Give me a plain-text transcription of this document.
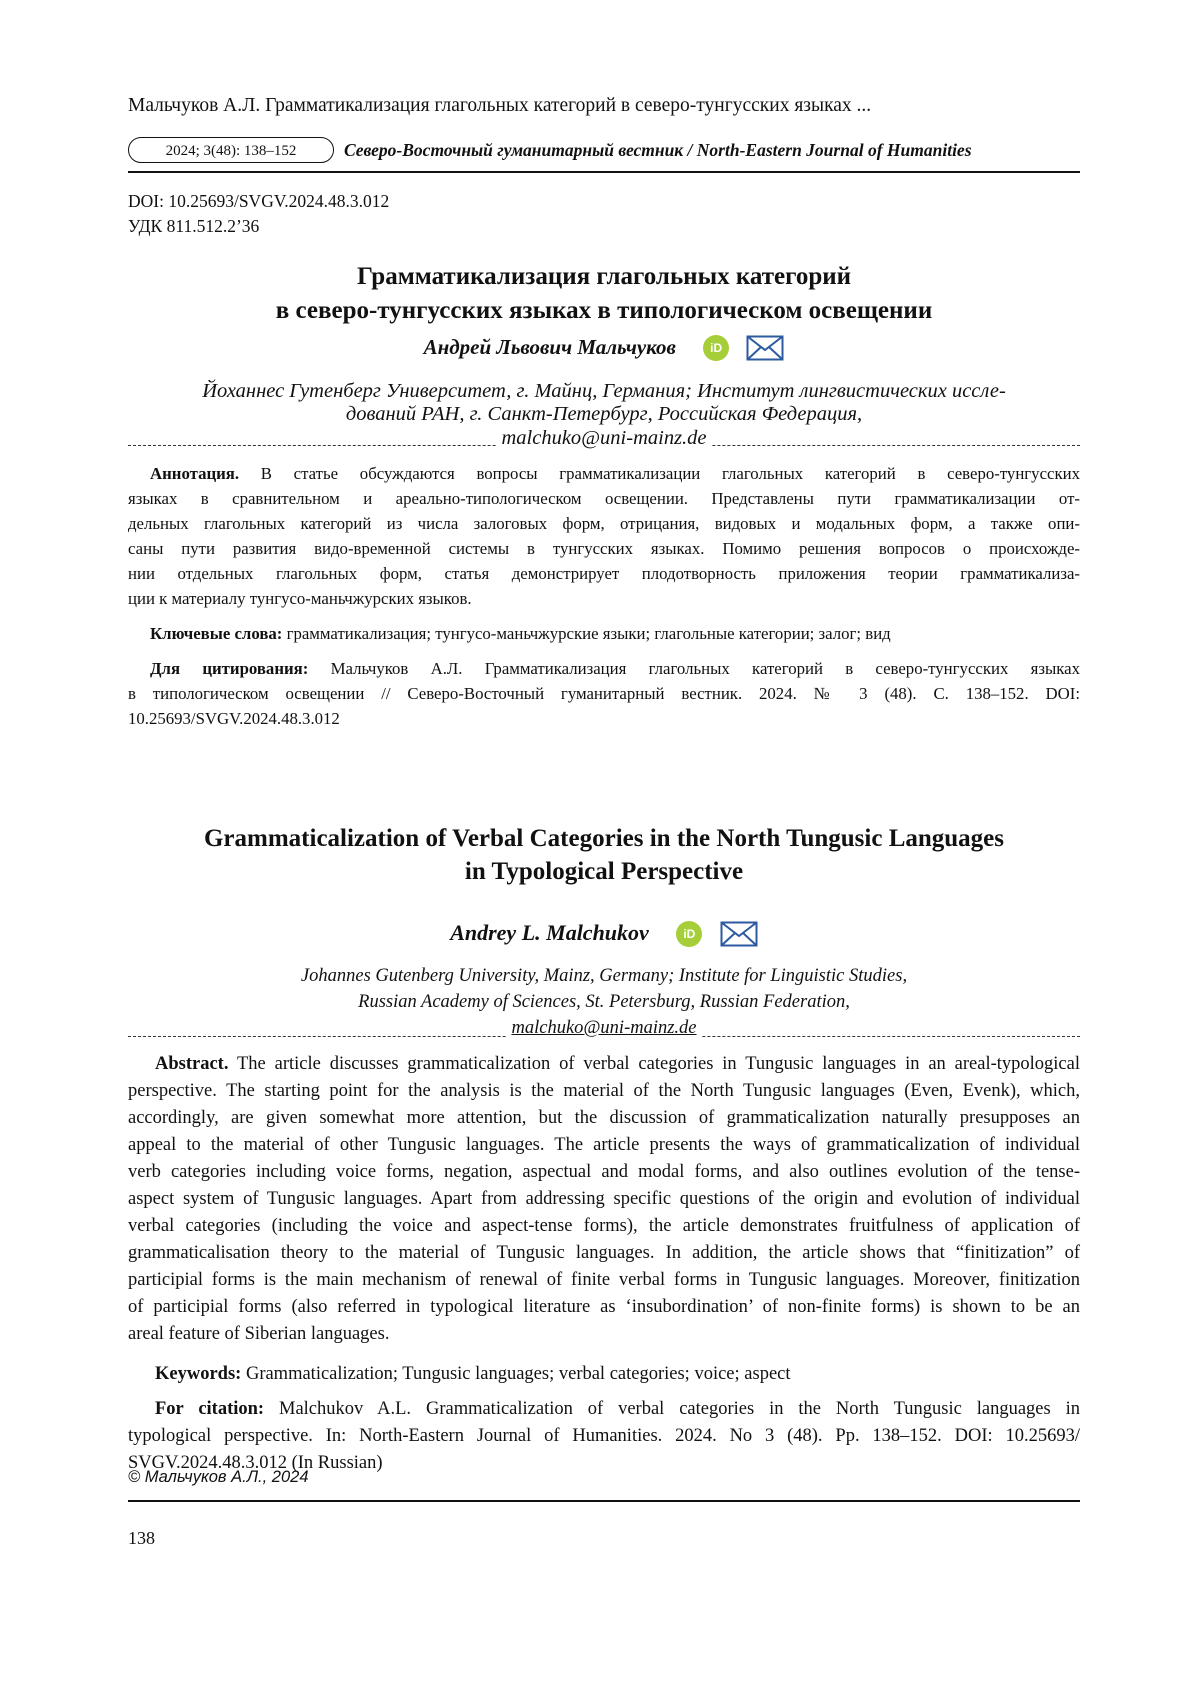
Мальчуков А.Л. Грамматикализация глагольных категорий в северо-тунгусских языках ...
2024; 3(48): 138–152	Северо-Восточный гуманитарный вестник / North-Eastern Journal of Humanities
DOI: 10.25693/SVGV.2024.48.3.012
УДК 811.512.2’36
Грамматикализация глагольных категорий
в северо-тунгусских языках в типологическом освещении
Андрей Львович Мальчуков	iD
Йоханнес Гутенберг Университет, г. Майнц, Германия; Институт лингвистических иссле-
дований РАН, г. Санкт-Петербург, Российская Федерация,
malchuko@uni-mainz.de
Аннотация. В статье обсуждаются вопросы грамматикализации глагольных категорий в северо-тунгусских
языках в сравнительном и ареально-типологическом освещении. Представлены пути грамматикализации от-
дельных глагольных категорий из числа залоговых форм, отрицания, видовых и модальных форм, а также опи-
саны пути развития видо-временной системы в тунгусских языках. Помимо решения вопросов о происхожде-
нии отдельных глагольных форм, статья демонстрирует плодотворность приложения теории грамматикализа-
ции к материалу тунгусо-маньчжурских языков.
Ключевые слова: грамматикализация; тунгусо-маньчжурские языки; глагольные категории; залог; вид
Для цитирования: Мальчуков А.Л. Грамматикализация глагольных категорий в северо-тунгусских языках
в типологическом освещении // Северо-Восточный гуманитарный вестник. 2024. № 3 (48). С. 138–152. DOI:
10.25693/SVGV.2024.48.3.012
Grammaticalization of Verbal Categories in the North Tungusic Languages
in Typological Perspective
Andrey L. Malchukov	iD
Johannes Gutenberg University, Mainz, Germany; Institute for Linguistic Studies,
Russian Academy of Sciences, St. Petersburg, Russian Federation,
malchuko@uni-mainz.de
Abstract. The article discusses grammaticalization of verbal categories in Tungusic languages in an areal-typological
perspective. The starting point for the analysis is the material of the North Tungusic languages (Even, Evenk), which,
accordingly, are given somewhat more attention, but the discussion of grammaticalization naturally presupposes an
appeal to the material of other Tungusic languages. The article presents the ways of grammaticalization of individual
verb categories including voice forms, negation, aspectual and modal forms, and also outlines evolution of the tense-
aspect system of Tungusic languages. Apart from addressing specific questions of the origin and evolution of individual
verbal categories (including the voice and aspect-tense forms), the article demonstrates fruitfulness of application of
grammaticalisation theory to the material of Tungusic languages. In addition, the article shows that “finitization” of
participial forms is the main mechanism of renewal of finite verbal forms in Tungusic languages. Moreover, finitization
of participial forms (also referred in typological literature as ‘insubordination’ of non-finite forms) is shown to be an
areal feature of Siberian languages.
Keywords: Grammaticalization; Tungusic languages; verbal categories; voice; aspect
For citation: Malchukov A.L. Grammaticalization of verbal categories in the North Tungusic languages in
typological perspective. In: North-Eastern Journal of Humanities. 2024. No 3 (48). Pp. 138–152. DOI: 10.25693/
SVGV.2024.48.3.012 (In Russian)
© Мальчуков А.Л., 2024
138
